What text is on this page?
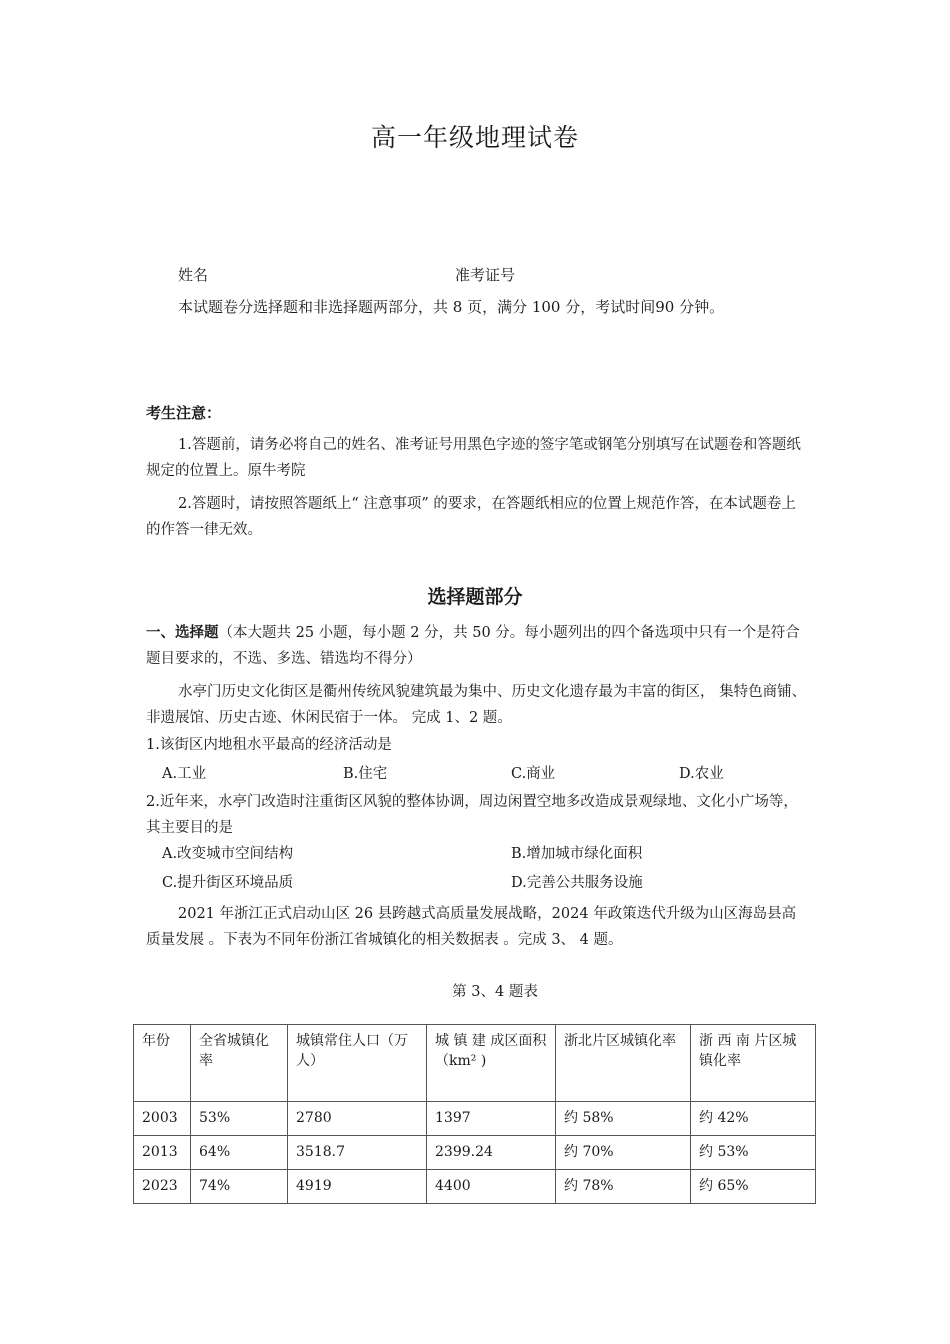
高一年级地理试卷
姓名	准考证号
本试题卷分选择题和非选择题两部分，共 8 页，满分 100 分，考试时间90 分钟。
考生注意：
1.答题前，请务必将自己的姓名、准考证号用黑色字迹的签字笔或钢笔分别填写在试题卷和答题纸规定的位置上。原牛考院
2.答题时，请按照答题纸上“ 注意事项” 的要求，在答题纸相应的位置上规范作答，在本试题卷上的作答一律无效。
选择题部分
一、选择题（本大题共 25 小题，每小题 2 分，共 50 分。每小题列出的四个备选项中只有一个是符合题目要求的，不选、多选、错选均不得分）
水亭门历史文化街区是衢州传统风貌建筑最为集中、历史文化遗存最为丰富的街区， 集特色商铺、非遗展馆、历史古迹、休闲民宿于一体。 完成 1、2 题。
1.该街区内地租水平最高的经济活动是
A.工业	B.住宅	C.商业	D.农业
2.近年来，水亭门改造时注重街区风貌的整体协调，周边闲置空地多改造成景观绿地、文化小广场等，其主要目的是
A.改变城市空间结构	B.增加城市绿化面积
C.提升街区环境品质	D.完善公共服务设施
2021 年浙江正式启动山区 26 县跨越式高质量发展战略，2024 年政策迭代升级为山区海岛县高质量发展 。下表为不同年份浙江省城镇化的相关数据表 。完成 3、 4 题。
第 3、4 题表
年份	全省城镇化率	城镇常住人口（万人）	城 镇 建 成区面积（km² )	浙北片区城镇化率	浙 西 南 片区城镇化率
2003	53%	2780	1397	约 58%	约 42%
2013	64%	3518.7	2399.24	约 70%	约 53%
2023	74%	4919	4400	约 78%	约 65%
